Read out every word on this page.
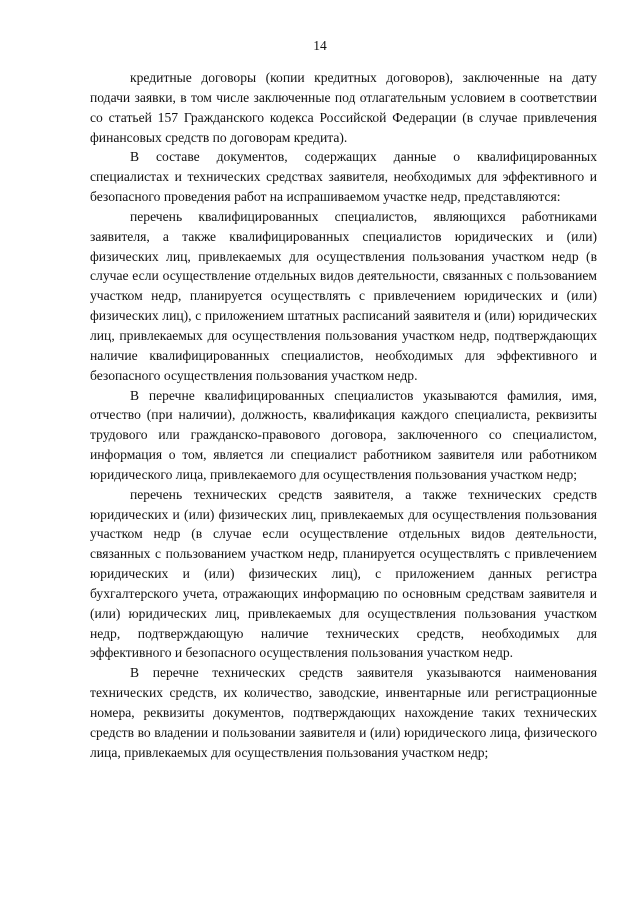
14

кредитные договоры (копии кредитных договоров), заключенные на дату подачи заявки, в том числе заключенные под отлагательным условием в соответствии со статьей 157 Гражданского кодекса Российской Федерации (в случае привлечения финансовых средств по договорам кредита).

В составе документов, содержащих данные о квалифицированных специалистах и технических средствах заявителя, необходимых для эффективного и безопасного проведения работ на испрашиваемом участке недр, представляются:

перечень квалифицированных специалистов, являющихся работниками заявителя, а также квалифицированных специалистов юридических и (или) физических лиц, привлекаемых для осуществления пользования участком недр (в случае если осуществление отдельных видов деятельности, связанных с пользованием участком недр, планируется осуществлять с привлечением юридических и (или) физических лиц), с приложением штатных расписаний заявителя и (или) юридических лиц, привлекаемых для осуществления пользования участком недр, подтверждающих наличие квалифицированных специалистов, необходимых для эффективного и безопасного осуществления пользования участком недр.

В перечне квалифицированных специалистов указываются фамилия, имя, отчество (при наличии), должность, квалификация каждого специалиста, реквизиты трудового или гражданско-правового договора, заключенного со специалистом, информация о том, является ли специалист работником заявителя или работником юридического лица, привлекаемого для осуществления пользования участком недр;

перечень технических средств заявителя, а также технических средств юридических и (или) физических лиц, привлекаемых для осуществления пользования участком недр (в случае если осуществление отдельных видов деятельности, связанных с пользованием участком недр, планируется осуществлять с привлечением юридических и (или) физических лиц), с приложением данных регистра бухгалтерского учета, отражающих информацию по основным средствам заявителя и (или) юридических лиц, привлекаемых для осуществления пользования участком недр, подтверждающую наличие технических средств, необходимых для эффективного и безопасного осуществления пользования участком недр.

В перечне технических средств заявителя указываются наименования технических средств, их количество, заводские, инвентарные или регистрационные номера, реквизиты документов, подтверждающих нахождение таких технических средств во владении и пользовании заявителя и (или) юридического лица, физического лица, привлекаемых для осуществления пользования участком недр;
